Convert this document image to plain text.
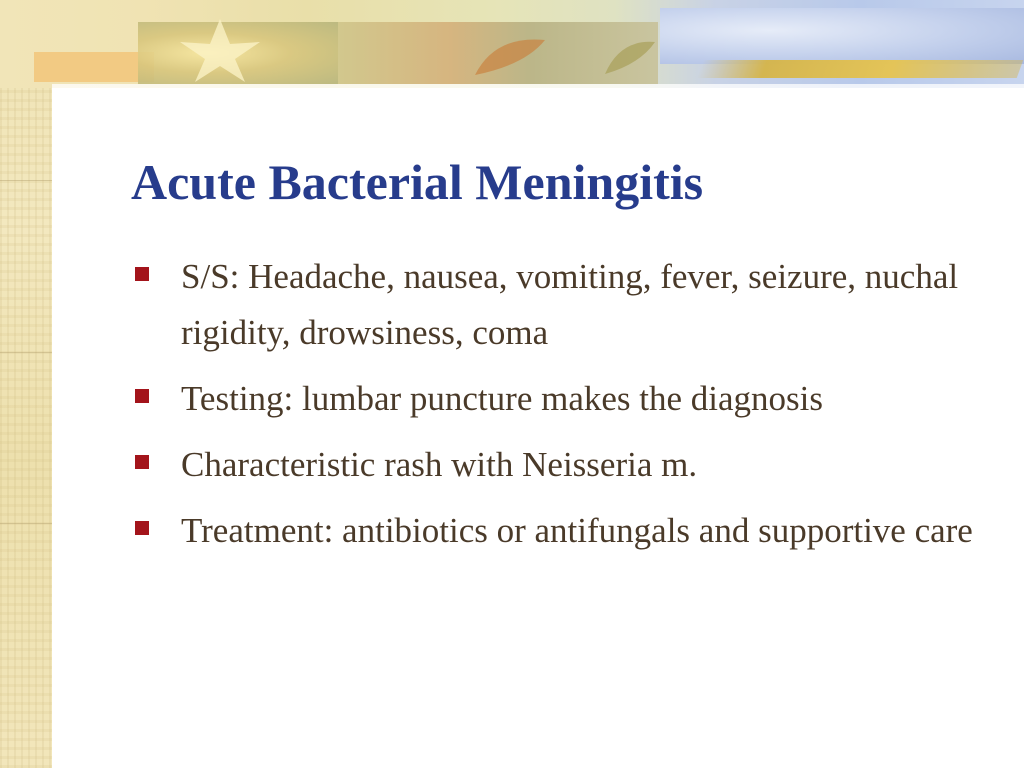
Acute Bacterial Meningitis
S/S: Headache, nausea, vomiting, fever, seizure, nuchal rigidity, drowsiness, coma
Testing: lumbar puncture makes the diagnosis
Characteristic rash with Neisseria m.
Treatment: antibiotics or antifungals and supportive care
